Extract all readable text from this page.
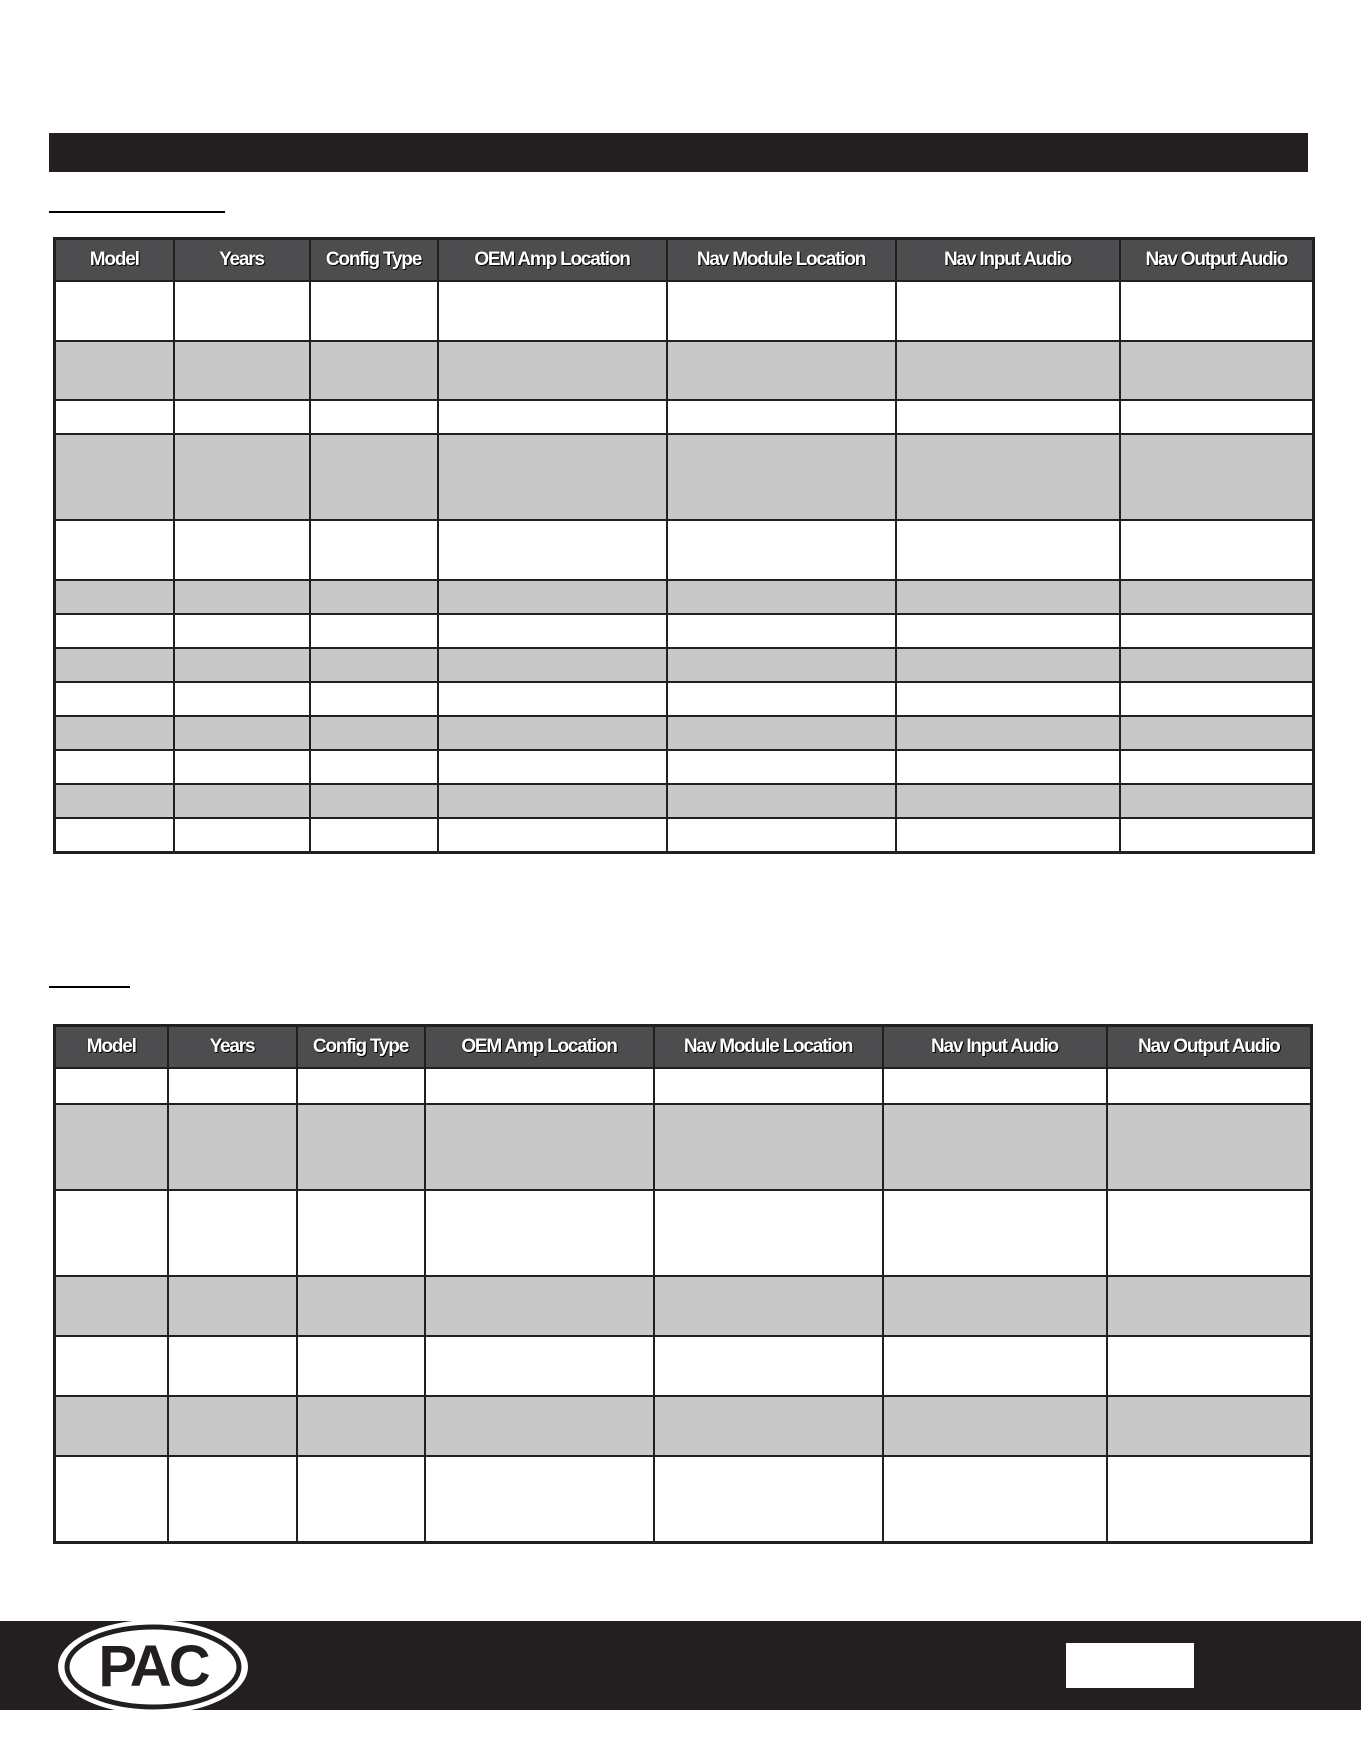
Model	Years	Config Type	OEM Amp Location	Nav Module Location	Nav Input Audio	Nav Output Audio

Model	Years	Config Type	OEM Amp Location	Nav Module Location	Nav Input Audio	Nav Output Audio

PAC
